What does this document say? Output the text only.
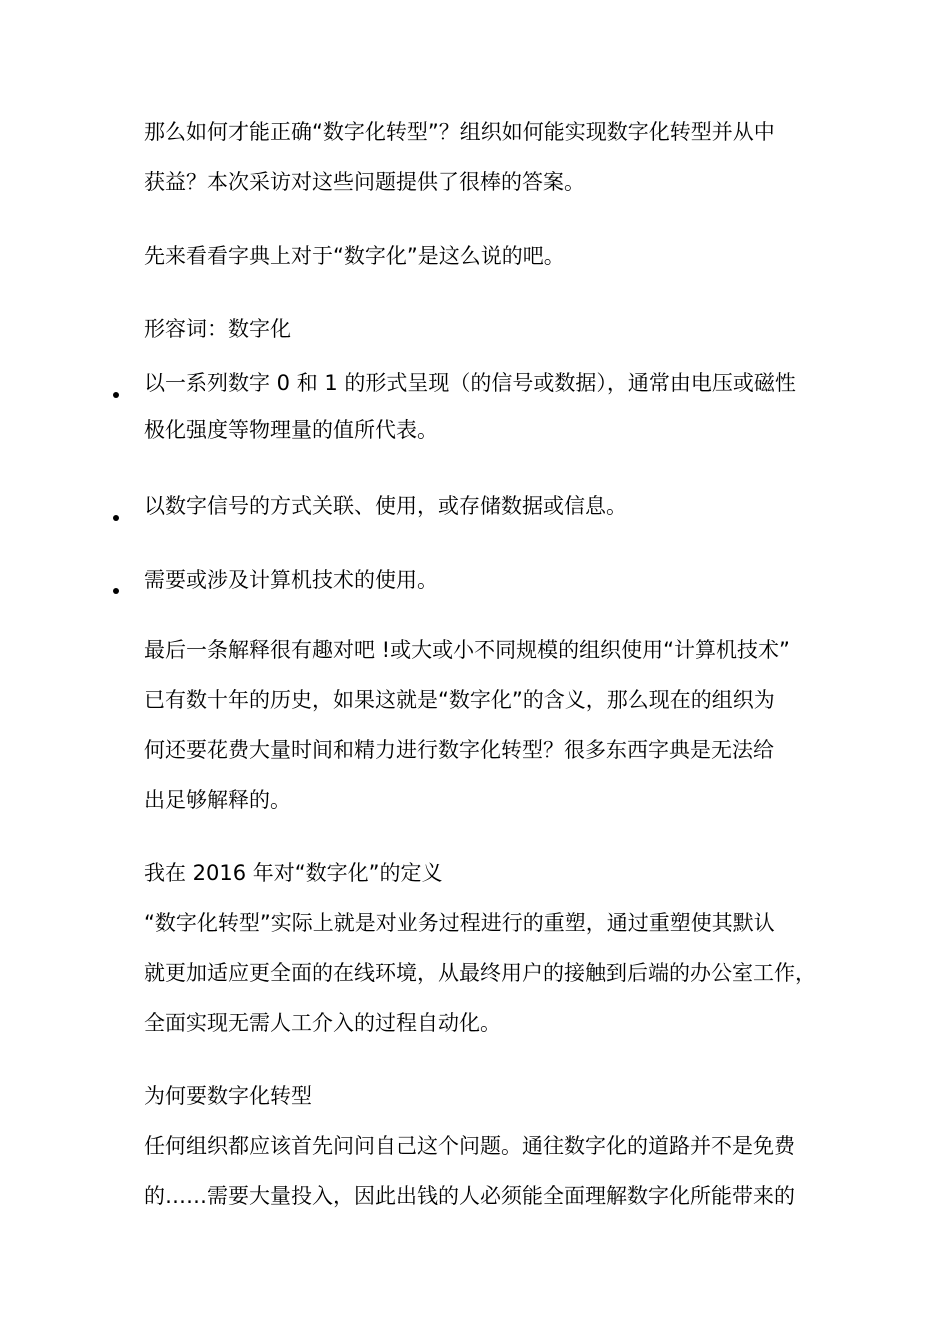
那么如何才能正确“数字化转型”？组织如何能实现数字化转型并从中
获益？本次采访对这些问题提供了很棒的答案。
先来看看字典上对于“数字化”是这么说的吧。
形容词：数字化
以一系列数字 0 和 1 的形式呈现（的信号或数据），通常由电压或磁性
极化强度等物理量的值所代表。
以数字信号的方式关联、使用，或存储数据或信息。
需要或涉及计算机技术的使用。
最后一条解释很有趣对吧 !或大或小不同规模的组织使用“计算机技术”
已有数十年的历史，如果这就是“数字化”的含义，那么现在的组织为
何还要花费大量时间和精力进行数字化转型？很多东西字典是无法给
出足够解释的。
我在 2016 年对“数字化”的定义
“数字化转型”实际上就是对业务过程进行的重塑，通过重塑使其默认
就更加适应更全面的在线环境，从最终用户的接触到后端的办公室工作，
全面实现无需人工介入的过程自动化。
为何要数字化转型
任何组织都应该首先问问自己这个问题。通往数字化的道路并不是免费
的……需要大量投入，因此出钱的人必须能全面理解数字化所能带来的
